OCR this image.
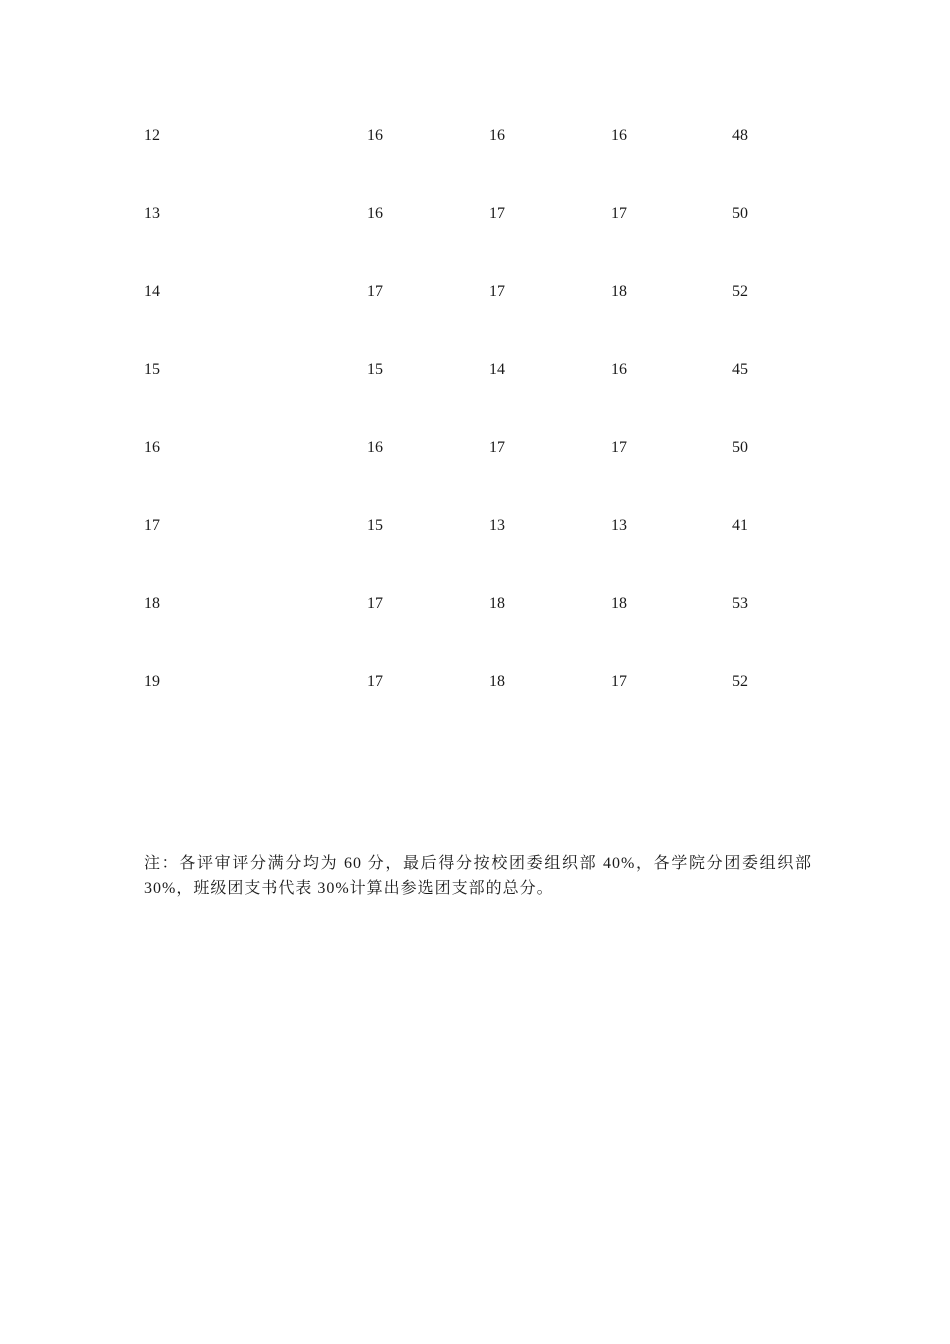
12	16	16	16	48
13	16	17	17	50
14	17	17	18	52
15	15	14	16	45
16	16	17	17	50
17	15	13	13	41
18	17	18	18	53
19	17	18	17	52

注：各评审评分满分均为 60 分，最后得分按校团委组织部 40%，各学院分团委组织部 30%，班级团支书代表 30%计算出参选团支部的总分。
